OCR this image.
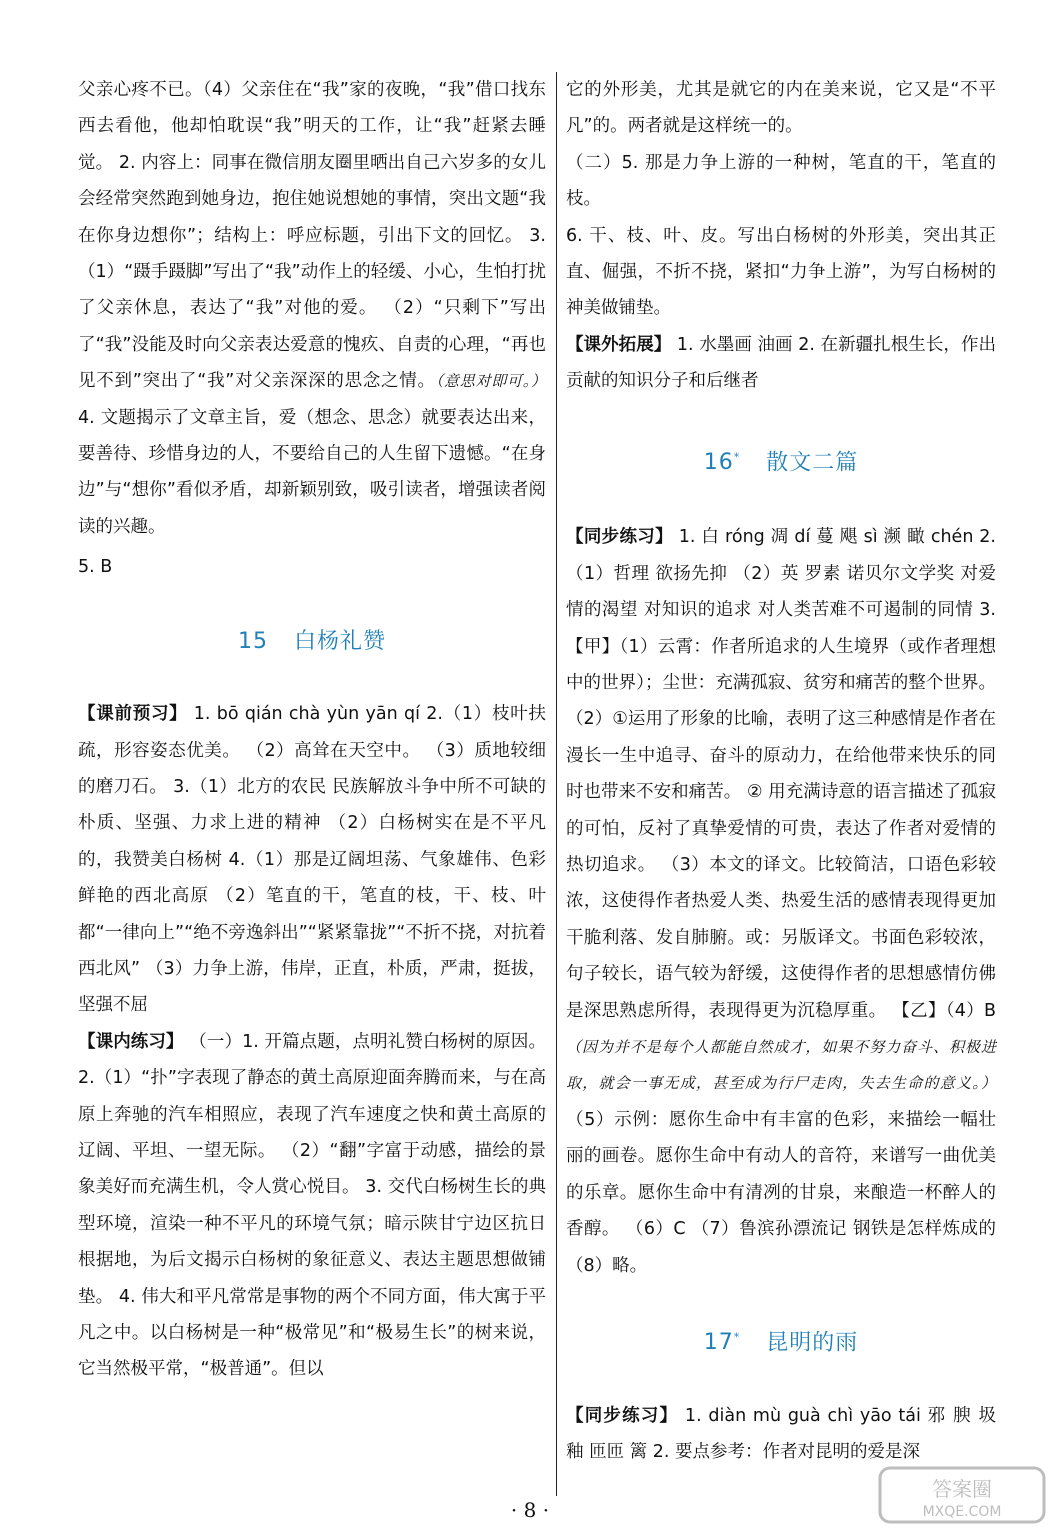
父亲心疼不已。（4）父亲住在“我”家的夜晚，“我”借口找东西去看他，他却怕耽误“我”明天的工作，让“我”赶紧去睡觉。 2. 内容上：同事在微信朋友圈里晒出自己六岁多的女儿会经常突然跑到她身边，抱住她说想她的事情，突出文题“我在你身边想你”；结构上：呼应标题，引出下文的回忆。 3.（1）“蹑手蹑脚”写出了“我”动作上的轻缓、小心，生怕打扰了父亲休息，表达了“我”对他的爱。 （2）“只剩下”写出了“我”没能及时向父亲表达爱意的愧疚、自责的心理，“再也见不到”突出了“我”对父亲深深的思念之情。（意思对即可。） 4. 文题揭示了文章主旨，爱（想念、思念）就要表达出来，要善待、珍惜身边的人，不要给自己的人生留下遗憾。“在身边”与“想你”看似矛盾，却新颖别致，吸引读者，增强读者阅读的兴趣。

5. B

15 白杨礼赞

【课前预习】 1. bō qián chà yùn yān qí 2.（1）枝叶扶疏，形容姿态优美。 （2）高耸在天空中。 （3）质地较细的磨刀石。 3.（1）北方的农民 民族解放斗争中所不可缺的朴质、坚强、力求上进的精神 （2）白杨树实在是不平凡的，我赞美白杨树 4.（1）那是辽阔坦荡、气象雄伟、色彩鲜艳的西北高原 （2）笔直的干，笔直的枝，干、枝、叶都“一律向上”“绝不旁逸斜出”“紧紧靠拢”“不折不挠，对抗着西北风” （3）力争上游，伟岸，正直，朴质，严肃，挺拔，坚强不屈

【课内练习】 （一）1. 开篇点题，点明礼赞白杨树的原因。 2.（1）“扑”字表现了静态的黄土高原迎面奔腾而来，与在高原上奔驰的汽车相照应，表现了汽车速度之快和黄土高原的辽阔、平坦、一望无际。 （2）“翻”字富于动感，描绘的景象美好而充满生机，令人赏心悦目。 3. 交代白杨树生长的典型环境，渲染一种不平凡的环境气氛；暗示陕甘宁边区抗日根据地，为后文揭示白杨树的象征意义、表达主题思想做铺垫。 4. 伟大和平凡常常是事物的两个不同方面，伟大寓于平凡之中。以白杨树是一种“极常见”和“极易生长”的树来说，它当然极平常，“极普通”。但以

它的外形美，尤其是就它的内在美来说，它又是“不平凡”的。两者就是这样统一的。

（二）5. 那是力争上游的一种树，笔直的干，笔直的枝。

6. 干、枝、叶、皮。写出白杨树的外形美，突出其正直、倔强，不折不挠，紧扣“力争上游”，为写白杨树的神美做铺垫。

【课外拓展】 1. 水墨画 油画 2. 在新疆扎根生长，作出贡献的知识分子和后继者

16* 散文二篇

【同步练习】 1. 白 róng 凋 dí 蔓 飓 sì 濒 瞰 chén 2.（1）哲理 欲扬先抑 （2）英 罗素 诺贝尔文学奖 对爱情的渴望 对知识的追求 对人类苦难不可遏制的同情 3.【甲】（1）云霄：作者所追求的人生境界（或作者理想中的世界）；尘世：充满孤寂、贫穷和痛苦的整个世界。 （2）①运用了形象的比喻，表明了这三种感情是作者在漫长一生中追寻、奋斗的原动力，在给他带来快乐的同时也带来不安和痛苦。 ② 用充满诗意的语言描述了孤寂的可怕，反衬了真挚爱情的可贵，表达了作者对爱情的热切追求。 （3）本文的译文。比较简洁，口语色彩较浓，这使得作者热爱人类、热爱生活的感情表现得更加干脆利落、发自肺腑。或：另版译文。书面色彩较浓，句子较长，语气较为舒缓，这使得作者的思想感情仿佛是深思熟虑所得，表现得更为沉稳厚重。 【乙】（4）B（因为并不是每个人都能自然成才，如果不努力奋斗、积极进取，就会一事无成，甚至成为行尸走肉，失去生命的意义。） （5）示例：愿你生命中有丰富的色彩，来描绘一幅壮丽的画卷。愿你生命中有动人的音符，来谱写一曲优美的乐章。愿你生命中有清冽的甘泉，来酿造一杯醉人的香醇。 （6）C （7）鲁滨孙漂流记 钢铁是怎样炼成的 （8）略。

17* 昆明的雨

【同步练习】 1. diàn mù guà chì yāo tái 邪 腴 圾 釉 匝匝 篱 2. 要点参考：作者对昆明的爱是深

· 8 ·
答案圈
MXQE.COM
